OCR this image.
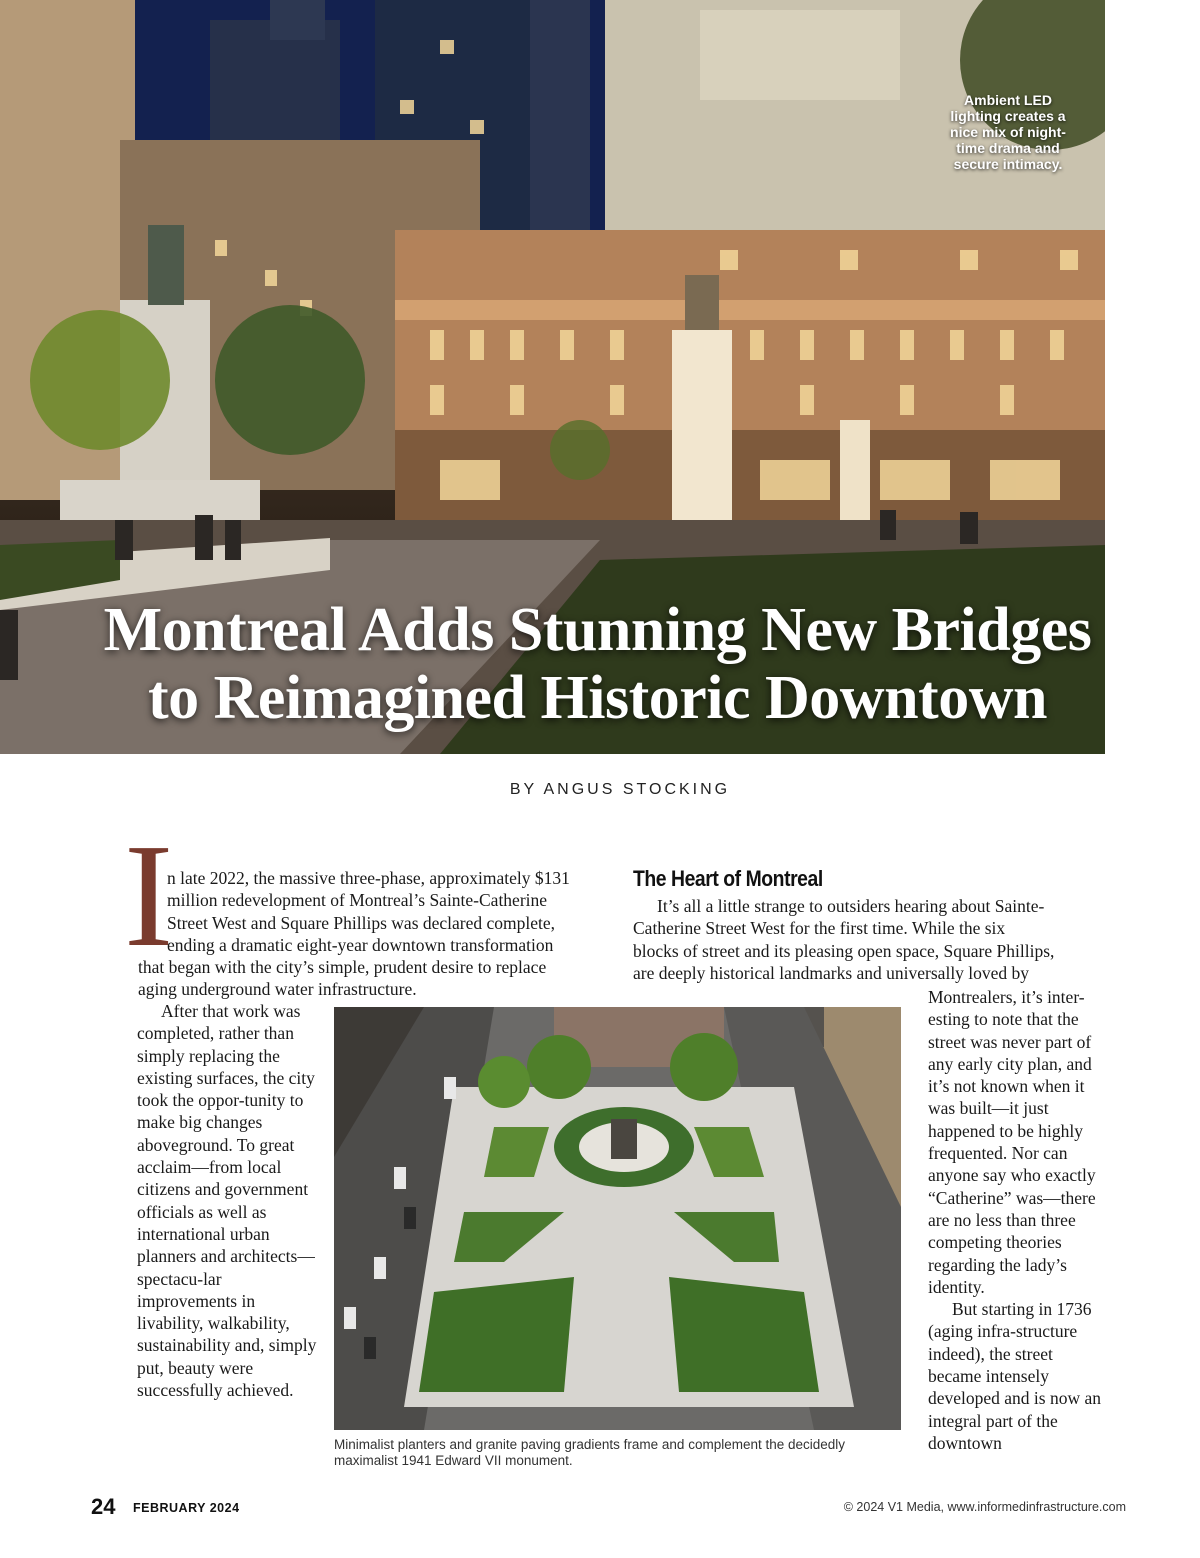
Ambient LED
lighting creates a
nice mix of night-
time drama and
secure intimacy.
Montreal Adds Stunning New Bridges
to Reimagined Historic Downtown
BY ANGUS STOCKING
I
n late 2022, the massive three-phase, approximately $131
million redevelopment of Montreal’s Sainte-Catherine
Street West and Square Phillips was declared complete,
ending a dramatic eight-year downtown transformation
that began with the city’s simple, prudent desire to replace
aging underground water infrastructure.

After that work was completed, rather than simply replacing the existing surfaces, the city took the oppor-tunity to make big changes aboveground. To great acclaim—from local citizens and government officials as well as international urban planners and architects—spectacu-lar improvements in livability, walkability, sustainability and, simply put, beauty were successfully achieved.

The Heart of Montreal
It’s all a little strange to outsiders hearing about Sainte-
Catherine Street West for the first time. While the six
blocks of street and its pleasing open space, Square Phillips,
are deeply historical landmarks and universally loved by

Montrealers, it’s inter-esting to note that the street was never part of any early city plan, and it’s not known when it was built—it just happened to be highly frequented. Nor can anyone say who exactly “Catherine” was—there are no less than three competing theories regarding the lady’s identity.

But starting in 1736 (aging infra-structure indeed), the street became intensely developed and is now an integral part of the downtown

Minimalist planters and granite paving gradients frame and complement the decidedly maximalist 1941 Edward VII monument.
24 FEBRUARY 2024	© 2024 V1 Media, www.informedinfrastructure.com
